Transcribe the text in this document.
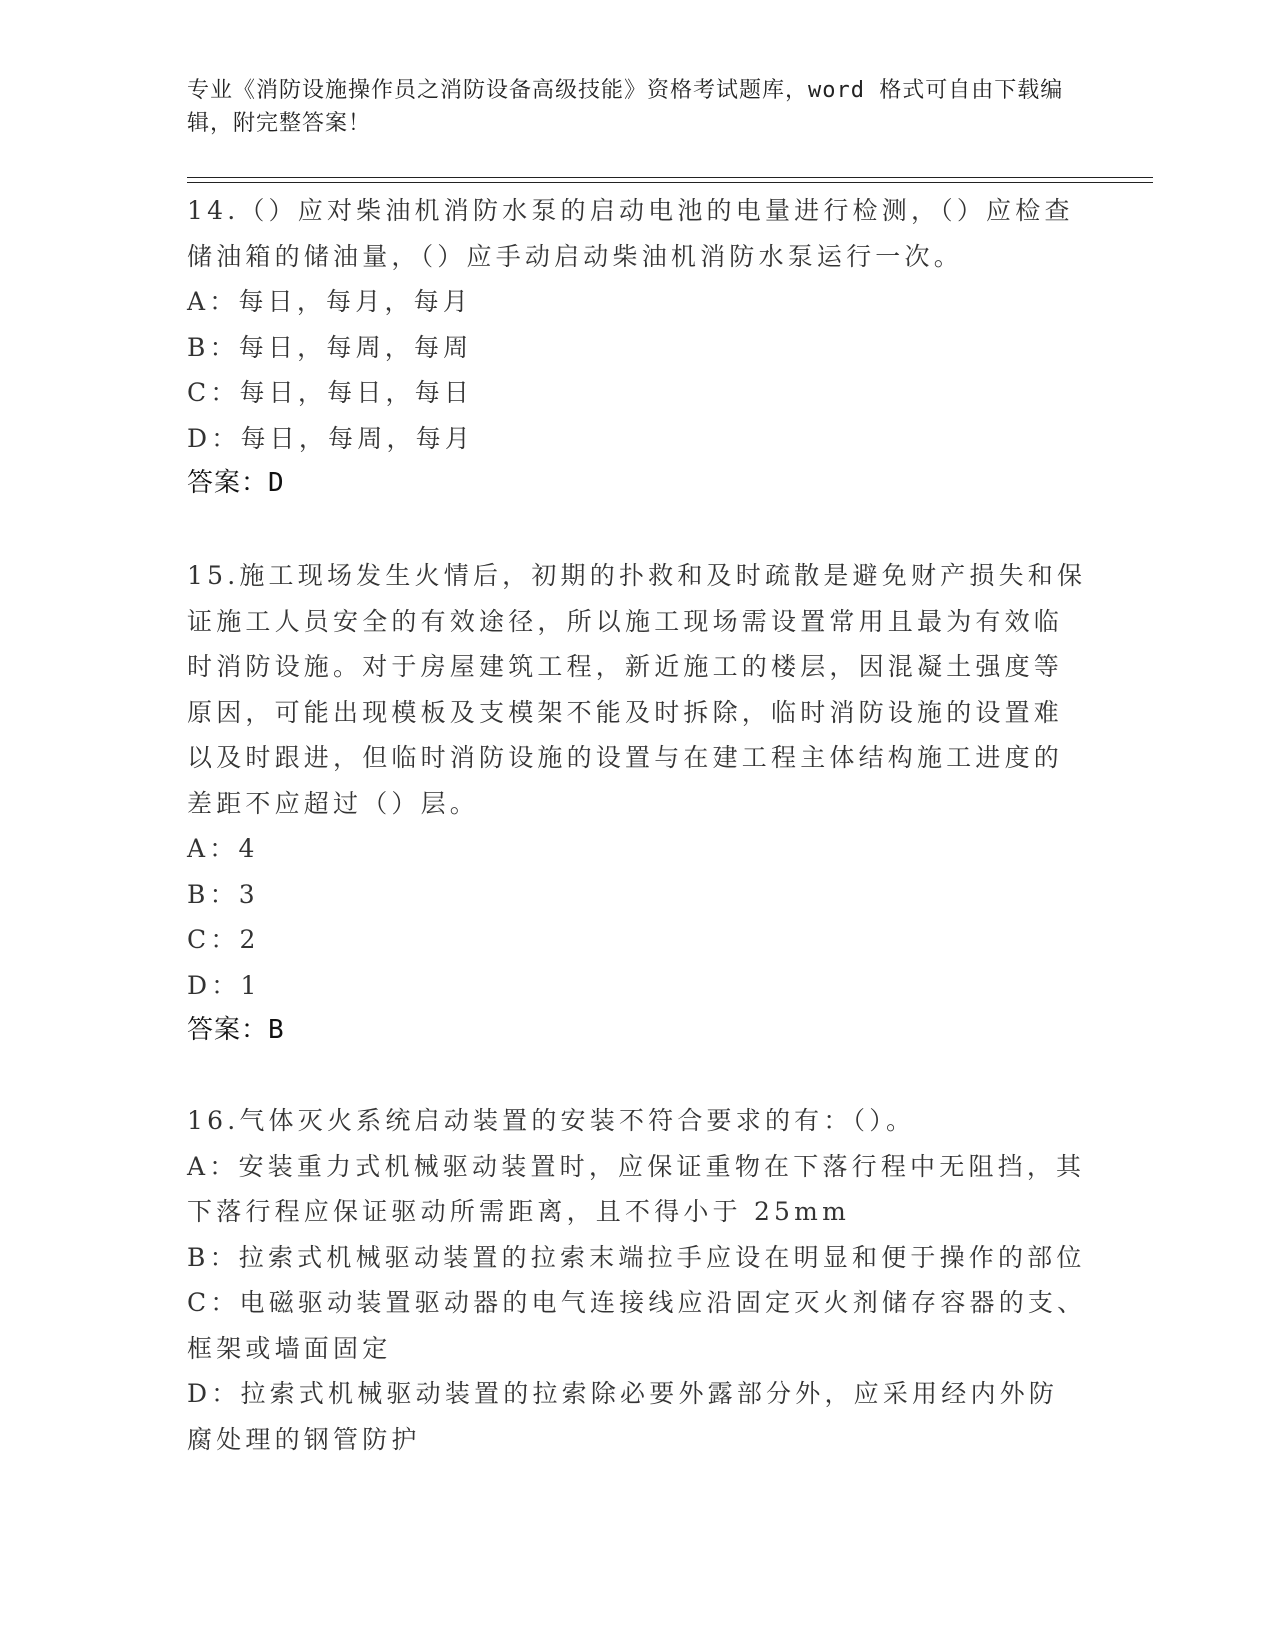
专业《消防设施操作员之消防设备高级技能》资格考试题库，word 格式可自由下载编辑，附完整答案！

14.（）应对柴油机消防水泵的启动电池的电量进行检测，（）应检查储油箱的储油量，（）应手动启动柴油机消防水泵运行一次。

A：每日，每月，每月

B：每日，每周，每周

C：每日，每日，每日

D：每日，每周，每月

答案：D

15.施工现场发生火情后，初期的扑救和及时疏散是避免财产损失和保证施工人员安全的有效途径，所以施工现场需设置常用且最为有效临时消防设施。对于房屋建筑工程，新近施工的楼层，因混凝土强度等原因，可能出现模板及支模架不能及时拆除，临时消防设施的设置难以及时跟进，但临时消防设施的设置与在建工程主体结构施工进度的差距不应超过（）层。

A：4

B：3

C：2

D：1

答案：B

16.气体灭火系统启动装置的安装不符合要求的有：（）。

A：安装重力式机械驱动装置时，应保证重物在下落行程中无阻挡，其下落行程应保证驱动所需距离，且不得小于 25mm

B：拉索式机械驱动装置的拉索末端拉手应设在明显和便于操作的部位

C：电磁驱动装置驱动器的电气连接线应沿固定灭火剂储存容器的支、框架或墙面固定

D：拉索式机械驱动装置的拉索除必要外露部分外，应采用经内外防腐处理的钢管防护
